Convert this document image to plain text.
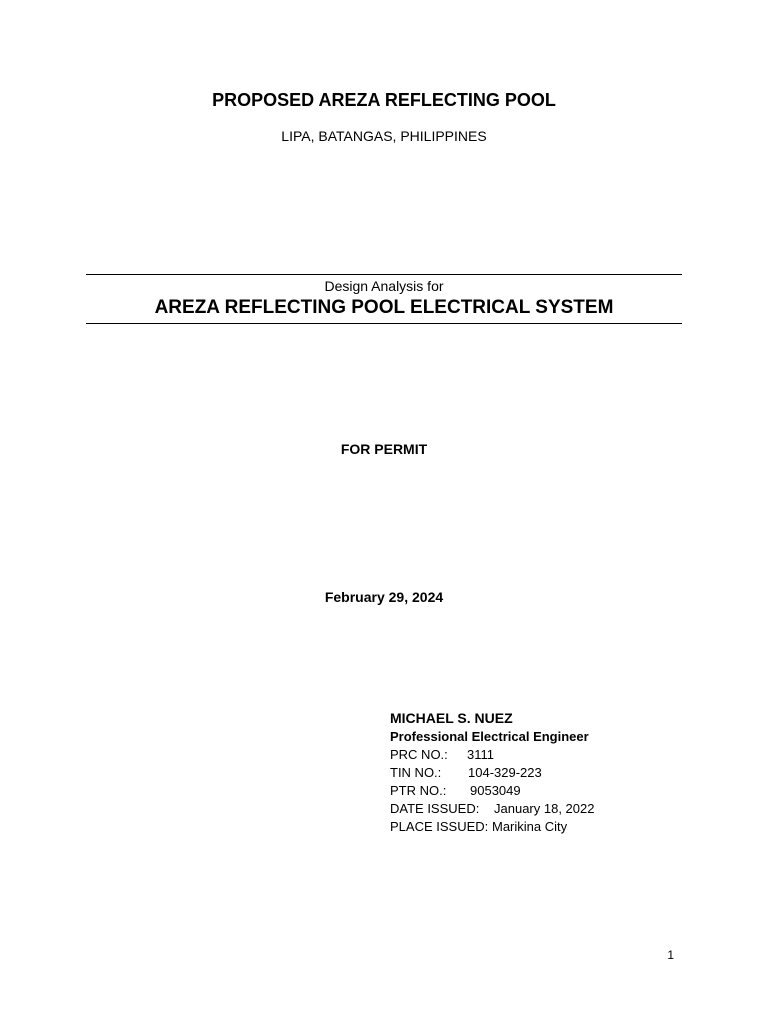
PROPOSED AREZA REFLECTING POOL
LIPA, BATANGAS, PHILIPPINES
Design Analysis for
AREZA REFLECTING POOL ELECTRICAL SYSTEM
FOR PERMIT
February 29, 2024
MICHAEL S. NUEZ
Professional Electrical Engineer
PRC NO.:	3111
TIN NO.:	104-329-223
PTR NO.:	9053049
DATE ISSUED:	January 18, 2022
PLACE ISSUED: Marikina City
1
